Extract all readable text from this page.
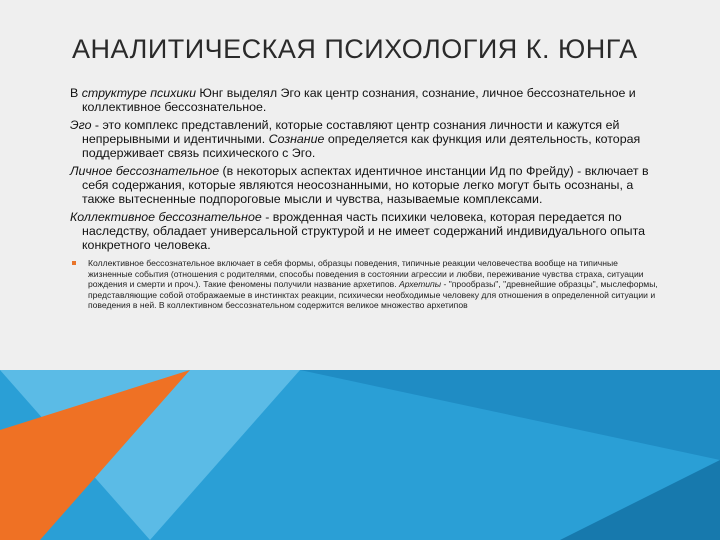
АНАЛИТИЧЕСКАЯ ПСИХОЛОГИЯ К. ЮНГА

В структуре психики Юнг выделял Эго как центр сознания, сознание, личное бессознательное и коллективное бессознательное.

Эго - это комплекс представлений, которые составляют центр сознания личности и кажутся ей непрерывными и идентичными. Сознание определяется как функция или деятельность, которая поддерживает связь психического с Эго.

Личное бессознательное (в некоторых аспектах идентичное инстанции Ид по Фрейду) - включает в себя содержания, которые являются неосознанными, но которые легко могут быть осознаны, а также вытесненные подпороговые мысли и чувства, называемые комплексами.

Коллективное бессознательное - врожденная часть психики человека, которая передается по наследству, обладает универсальной структурой и не имеет содержаний индивидуального опыта конкретного человека.

Коллективное бессознательное включает в себя формы, образцы поведения, типичные реакции человечества вообще на типичные жизненные события (отношения с родителями, способы поведения в состоянии агрессии и любви, переживание чувства страха, ситуации рождения и смерти и проч.). Такие феномены получили название архетипов. Архетипы - "прообразы", "древнейшие образцы", мыслеформы, представляющие собой отображаемые в инстинктах реакции, психически необходимые человеку для отношения в определенной ситуации и поведения в ней. В коллективном бессознательном содержится великое множество архетипов
